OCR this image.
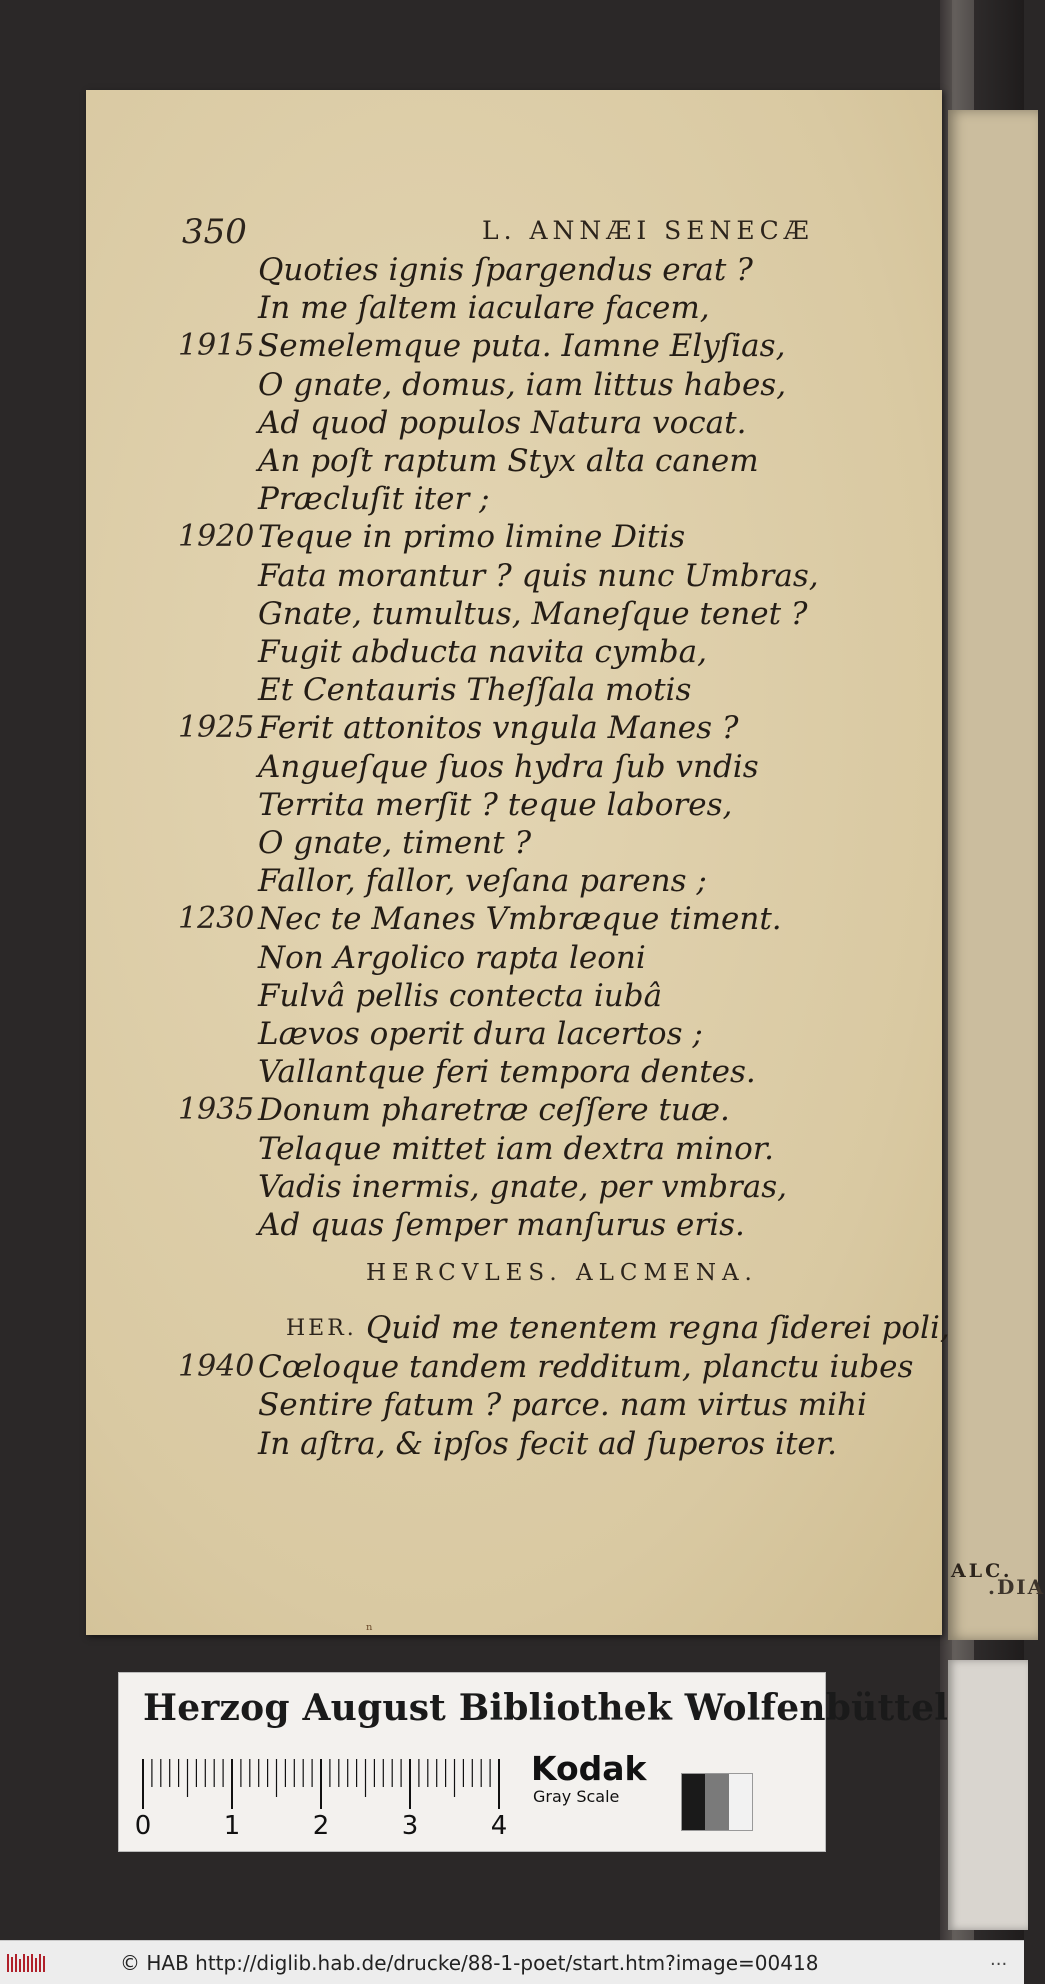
.DIA
350	L. ANNÆI SENECÆ
Quoties ignis ſpargendus erat ?
In me ſaltem iaculare facem,
1915 Semelemque puta. Iamne Elyſias,
O gnate, domus, iam littus habes,
Ad quod populos Natura vocat.
An poſt raptum Styx alta canem
Præcluſit iter ;
1920 Teque in primo limine Ditis
Fata morantur ? quis nunc Umbras,
Gnate, tumultus, Maneſque tenet ?
Fugit abducta navita cymba,
Et Centauris Theſſala motis
1925 Ferit attonitos vngula Manes ?
Angueſque ſuos hydra ſub vndis
Territa merſit ? teque labores,
O gnate, timent ?
Fallor, fallor, veſana parens ;
1230 Nec te Manes Vmbræque timent.
Non Argolico rapta leoni
Fulvâ pellis contecta iubâ
Lævos operit dura lacertos ;
Vallantque feri tempora dentes.
1935 Donum pharetræ ceſſere tuæ.
Telaque mittet iam dextra minor.
Vadis inermis, gnate, per vmbras,
Ad quas ſemper manſurus eris.
HERCVLES. ALCMENA.
HER. Quid me tenentem regna ſiderei poli,
1940 Cœloque tandem redditum, planctu iubes
Sentire fatum ? parce. nam virtus mihi
In aſtra, & ipſos fecit ad ſuperos iter.
ALC.
ⁿ
Herzog August Bibliothek Wolfenbüttel
0	1	2	3	4
Kodak
Gray Scale
© HAB http://diglib.hab.de/drucke/88-1-poet/start.htm?image=00418	...
